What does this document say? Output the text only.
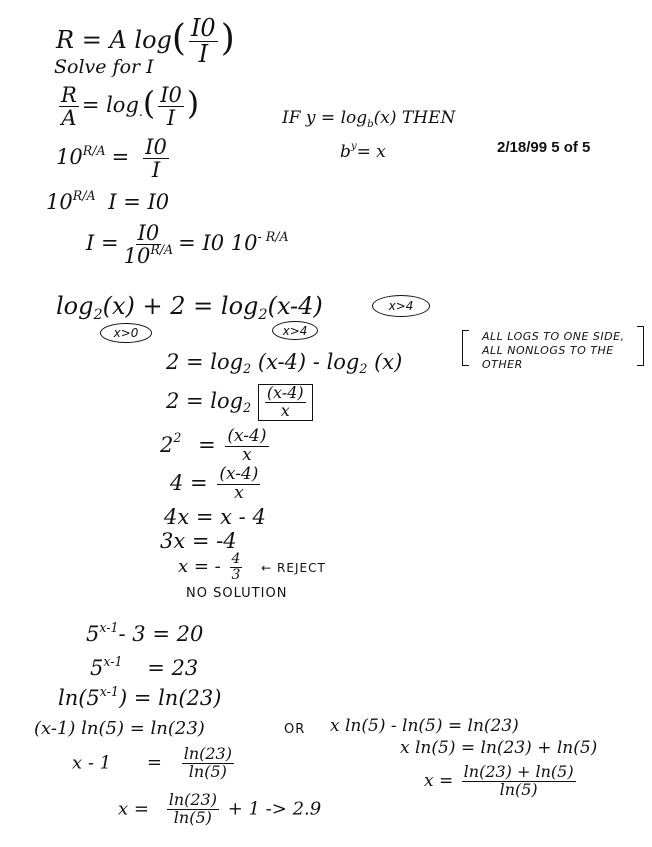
2/18/99 5 of 5
R = A $\log( \frac{I0}{I}$ )
Solve for I
$\frac{R}{A} = \log_.( \frac{I0}{I}$ )	IF $y = \log_b(x)$ THEN
$b^y= x$
$10^{R/A} = \frac{I0}{I}$
$10^{R/A}$ I = I0
$I = \frac{I0}{10^{R/A}} = I0$ $10^{- R/A}$
$\log_2(x) + 2 = \log_2(x-4)$	x>4
x>0	x>4	ALL LOGS TO ONE SIDE, ALL NONLOGS TO THE OTHER
$2 = \log_2 (x-4) - \log_2 (x)$
$2 = \log_2 \frac{(x-4)}{x}$
$2^2 = \frac{(x-4)}{x}$
$4 = \frac{(x-4)}{x}$
4x = x - 4
3x = -4
x = - $\frac{4}{3}$ ← REJECT
NO SOLUTION
5$^{x-1}$- 3 = 20
$5^{x-1} = 23$
$\ln(5^{x-1}) = \ln(23)$
(x-1) ln(5) = ln(23)	OR x ln(5) - ln(5) = ln(23)
x ln(5) = ln(23) + ln(5)
$x = \frac{\ln(23) + \ln(5)}{\ln(5)}$
$x - 1 = \frac{\ln(23)}{\ln(5)}$
$x = \frac{\ln(23)}{\ln(5)} + 1 -> 2.9$
